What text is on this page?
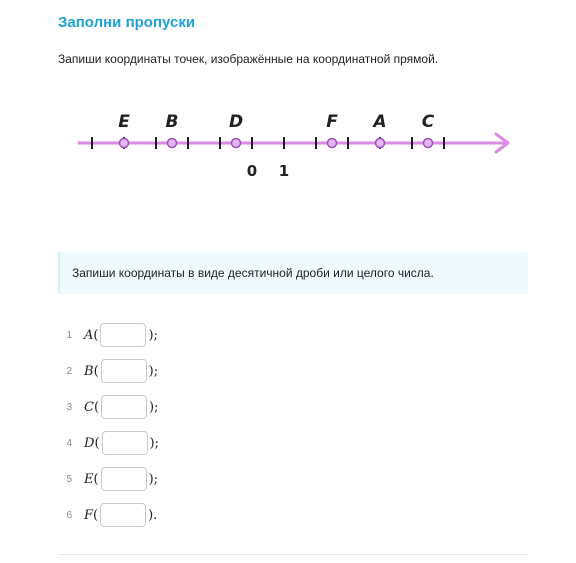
Заполни пропуски
Запиши координаты точек, изображённые на координатной прямой.
0 1
E B	D	F A C
Запиши координаты в виде десятичной дроби или целого числа.
1 A (	);
2 B (	);
3 C (	);
4 D (	);
5 E (	);
6 F (	).
